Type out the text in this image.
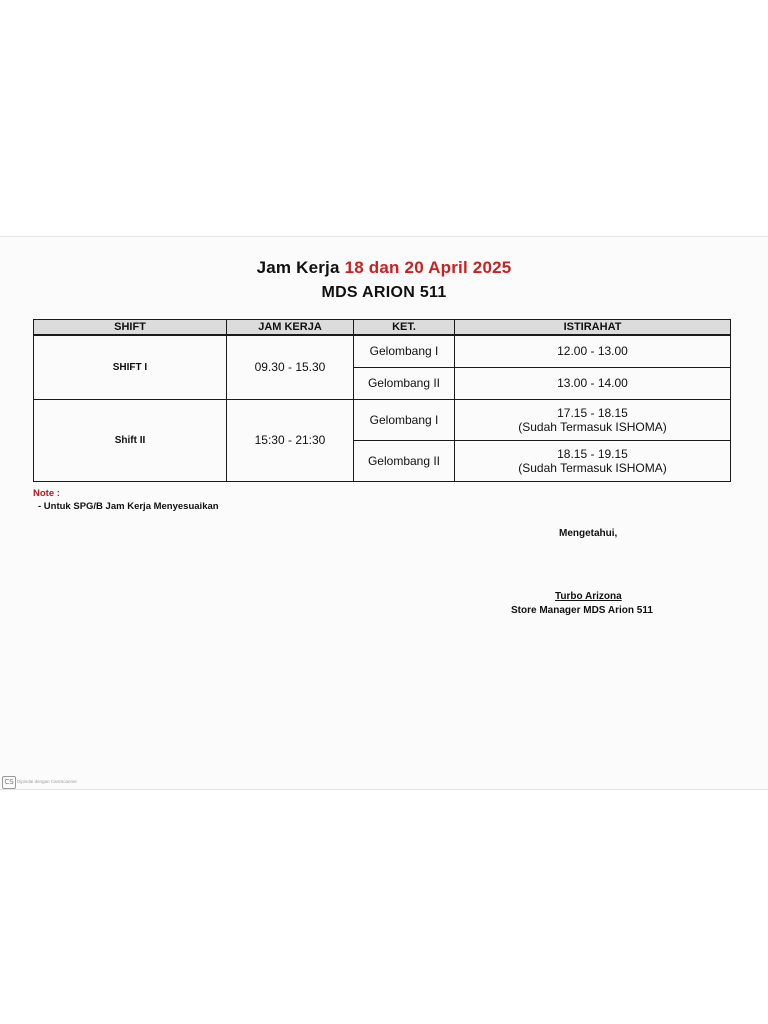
Jam Kerja 18 dan 20 April 2025
MDS ARION 511
SHIFT	JAM KERJA	KET.	ISTIRAHAT
SHIFT I	09.30 - 15.30	Gelombang I	12.00 - 13.00
		Gelombang II	13.00 - 14.00
Shift II	15:30 - 21:30	Gelombang I	17.15 - 18.15
(Sudah Termasuk ISHOMA)

		Gelombang II	18.15 - 19.15
(Sudah Termasuk ISHOMA)
Note :
- Untuk SPG/B Jam Kerja Menyesuaikan
Mengetahui,
Turbo Arizona
Store Manager MDS Arion 511
CS Dipindai dengan CamScanner
